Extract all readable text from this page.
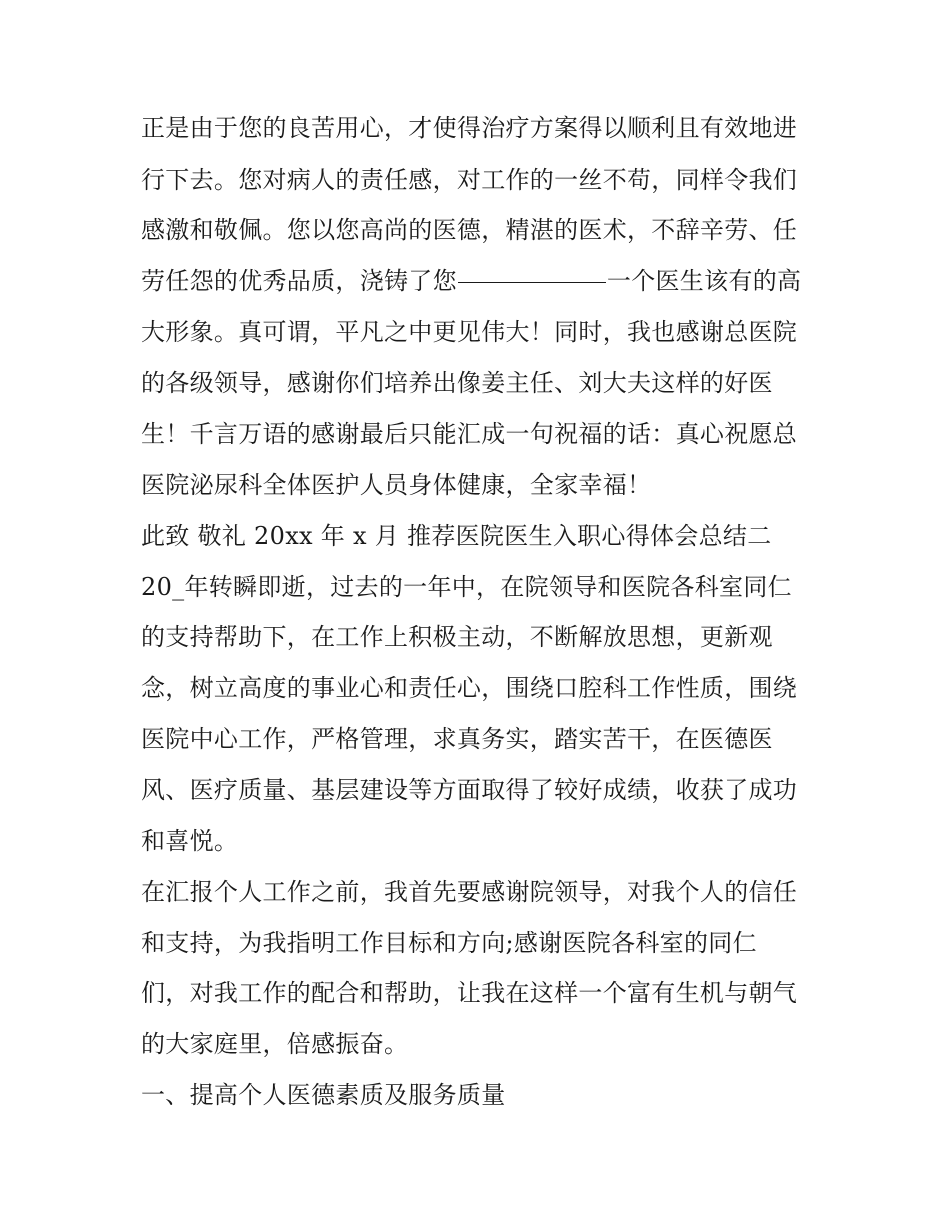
正是由于您的良苦用心，才使得治疗方案得以顺利且有效地进
行下去。您对病人的责任感，对工作的一丝不苟，同样令我们
感激和敬佩。您以您高尚的医德，精湛的医术，不辞辛劳、任
劳任怨的优秀品质，浇铸了您	一个医生该有的高
大形象。真可谓，平凡之中更见伟大！同时，我也感谢总医院
的各级领导，感谢你们培养出像姜主任、刘大夫这样的好医
生！千言万语的感谢最后只能汇成一句祝福的话：真心祝愿总
医院泌尿科全体医护人员身体健康，全家幸福！
此致 敬礼 20xx 年 x 月 推荐医院医生入职心得体会总结二
20_年转瞬即逝，过去的一年中，在院领导和医院各科室同仁
的支持帮助下，在工作上积极主动，不断解放思想，更新观
念，树立高度的事业心和责任心，围绕口腔科工作性质，围绕
医院中心工作，严格管理，求真务实，踏实苦干，在医德医
风、医疗质量、基层建设等方面取得了较好成绩，收获了成功
和喜悦。
在汇报个人工作之前，我首先要感谢院领导，对我个人的信任
和支持，为我指明工作目标和方向;感谢医院各科室的同仁
们，对我工作的配合和帮助，让我在这样一个富有生机与朝气
的大家庭里，倍感振奋。
一、提高个人医德素质及服务质量
